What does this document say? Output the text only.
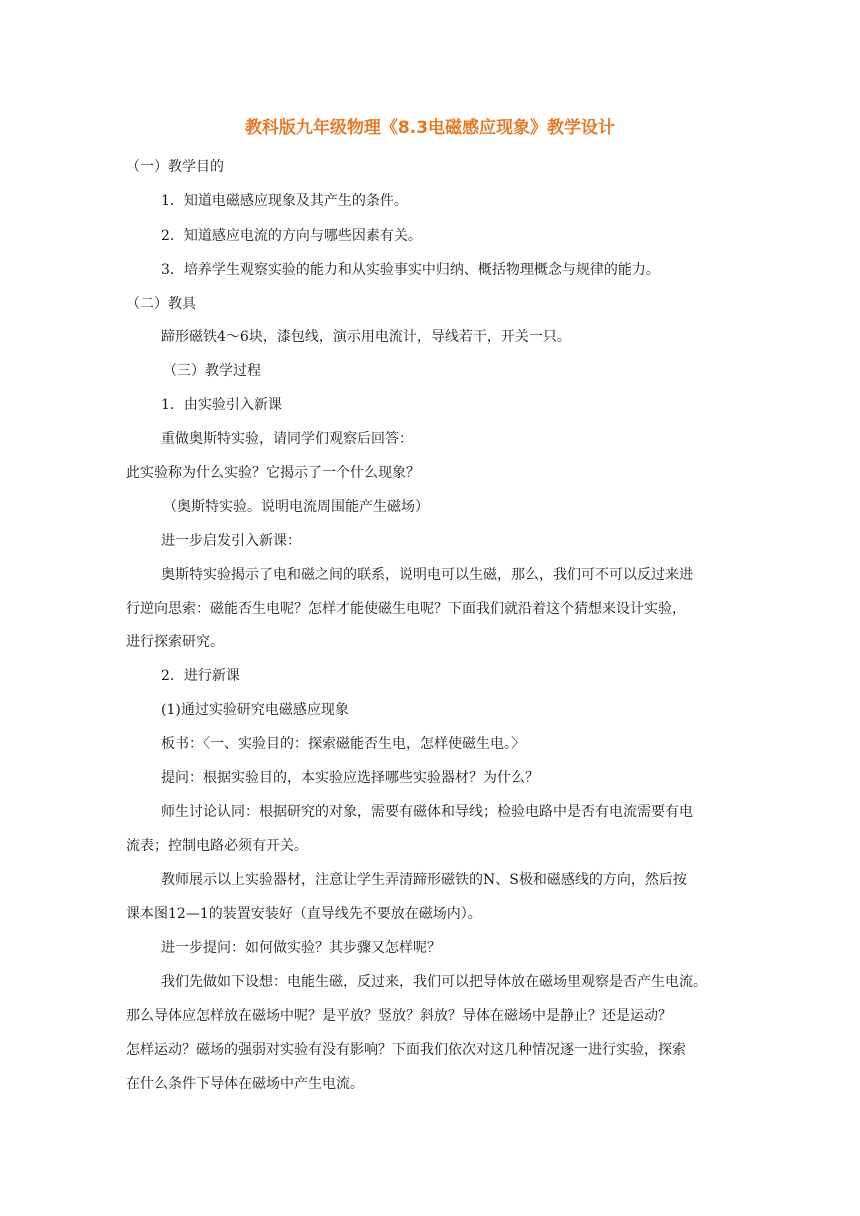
教科版九年级物理《8.3电磁感应现象》教学设计
（一）教学目的
1．知道电磁感应现象及其产生的条件。
2．知道感应电流的方向与哪些因素有关。
3．培养学生观察实验的能力和从实验事实中归纳、概括物理概念与规律的能力。
（二）教具
蹄形磁铁4～6块，漆包线，演示用电流计，导线若干，开关一只。
（三）教学过程
1．由实验引入新课
重做奥斯特实验，请同学们观察后回答：
此实验称为什么实验？它揭示了一个什么现象？
（奥斯特实验。说明电流周围能产生磁场）
进一步启发引入新课：
奥斯特实验揭示了电和磁之间的联系，说明电可以生磁，那么，我们可不可以反过来进
行逆向思索：磁能否生电呢？怎样才能使磁生电呢？下面我们就沿着这个猜想来设计实验，
进行探索研究。
2．进行新课
(1)通过实验研究电磁感应现象
板书：〈一、实验目的：探索磁能否生电，怎样使磁生电。〉
提问：根据实验目的，本实验应选择哪些实验器材？为什么？
师生讨论认同：根据研究的对象，需要有磁体和导线；检验电路中是否有电流需要有电
流表；控制电路必须有开关。
教师展示以上实验器材，注意让学生弄清蹄形磁铁的N、S极和磁感线的方向，然后按
课本图12—1的装置安装好（直导线先不要放在磁场内）。
进一步提问：如何做实验？其步骤又怎样呢？
我们先做如下设想：电能生磁，反过来，我们可以把导体放在磁场里观察是否产生电流。
那么导体应怎样放在磁场中呢？是平放？竖放？斜放？导体在磁场中是静止？还是运动？
怎样运动？磁场的强弱对实验有没有影响？下面我们依次对这几种情况逐一进行实验，探索
在什么条件下导体在磁场中产生电流。
